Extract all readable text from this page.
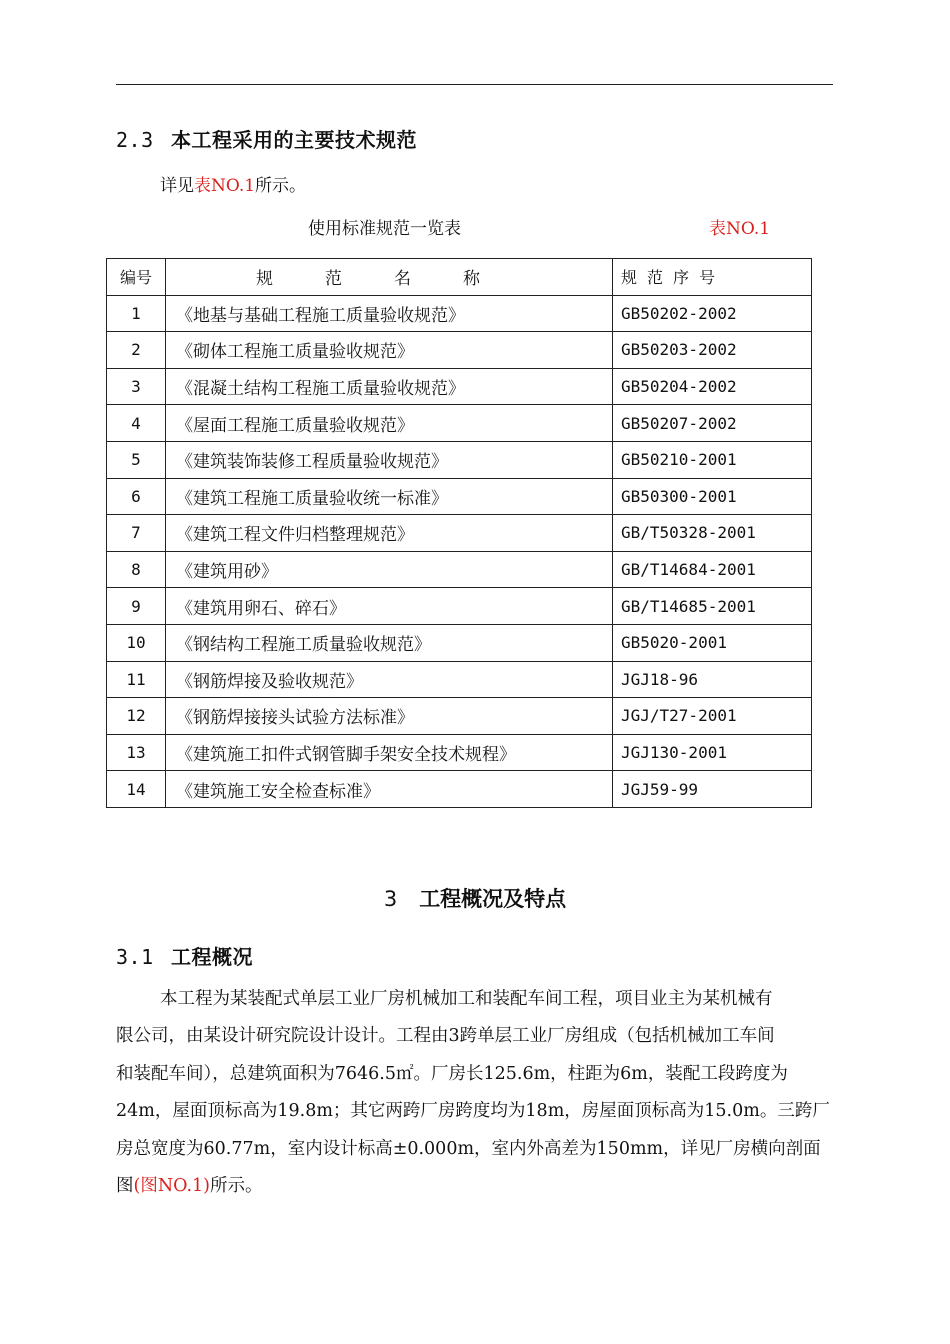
2.3 本工程采用的主要技术规范
详见表NO.1所示。
使用标准规范一览表	表NO.1
编号	规范名称	规范序号
1	《地基与基础工程施工质量验收规范》	GB50202-2002
2	《砌体工程施工质量验收规范》	GB50203-2002
3	《混凝土结构工程施工质量验收规范》	GB50204-2002
4	《屋面工程施工质量验收规范》	GB50207-2002
5	《建筑装饰装修工程质量验收规范》	GB50210-2001
6	《建筑工程施工质量验收统一标准》	GB50300-2001
7	《建筑工程文件归档整理规范》	GB/T50328-2001
8	《建筑用砂》	GB/T14684-2001
9	《建筑用卵石、碎石》	GB/T14685-2001
10	《钢结构工程施工质量验收规范》	GB5020-2001
11	《钢筋焊接及验收规范》	JGJ18-96
12	《钢筋焊接接头试验方法标准》	JGJ/T27-2001
13	《建筑施工扣件式钢管脚手架安全技术规程》	JGJ130-2001
14	《建筑施工安全检查标准》	JGJ59-99
3 工程概况及特点
3.1 工程概况
本工程为某装配式单层工业厂房机械加工和装配车间工程，项目业主为某机械有
限公司，由某设计研究院设计设计。工程由3跨单层工业厂房组成（包括机械加工车间
和装配车间），总建筑面积为7646.5㎡。厂房长125.6m，柱距为6m，装配工段跨度为
24m，屋面顶标高为19.8m；其它两跨厂房跨度均为18m，房屋面顶标高为15.0m。三跨厂
房总宽度为60.77m，室内设计标高±0.000m，室内外高差为150mm，详见厂房横向剖面
图(图NO.1)所示。
